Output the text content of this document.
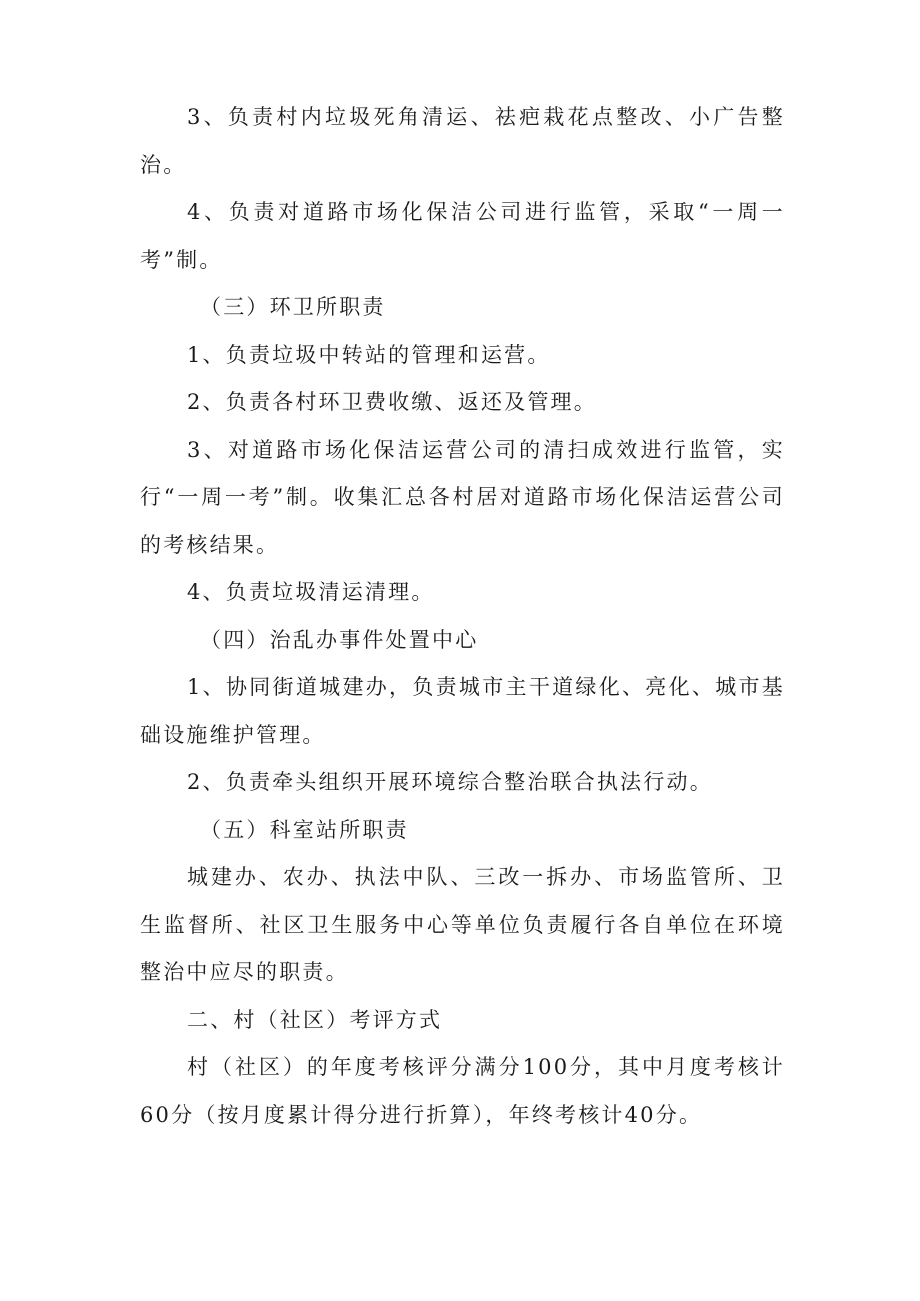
3、负责村内垃圾死角清运、祛疤栽花点整改、小广告整治。

4、负责对道路市场化保洁公司进行监管，采取“一周一考”制。

（三）环卫所职责

1、负责垃圾中转站的管理和运营。

2、负责各村环卫费收缴、返还及管理。

3、对道路市场化保洁运营公司的清扫成效进行监管，实行“一周一考”制。收集汇总各村居对道路市场化保洁运营公司的考核结果。

4、负责垃圾清运清理。

（四）治乱办事件处置中心

1、协同街道城建办，负责城市主干道绿化、亮化、城市基础设施维护管理。

2、负责牵头组织开展环境综合整治联合执法行动。

（五）科室站所职责

城建办、农办、执法中队、三改一拆办、市场监管所、卫生监督所、社区卫生服务中心等单位负责履行各自单位在环境整治中应尽的职责。

二、村（社区）考评方式

村（社区）的年度考核评分满分100分，其中月度考核计60分（按月度累计得分进行折算），年终考核计40分。
